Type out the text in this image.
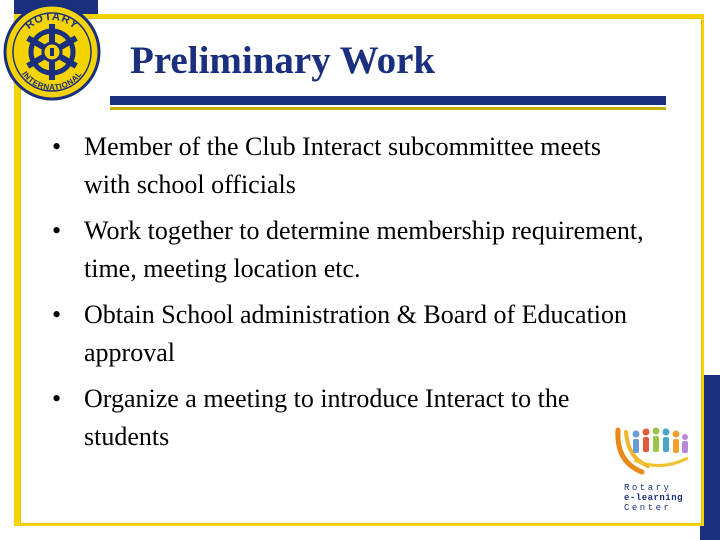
ROTARY
INTERNATIONAL Preliminary Work
• Member of the Club Interact subcommittee meets with school officials
• Work together to determine membership requirement, time, meeting location etc.
• Obtain School administration & Board of Education approval
• Organize a meeting to introduce Interact to the students
Rotary
e-learning
Center
